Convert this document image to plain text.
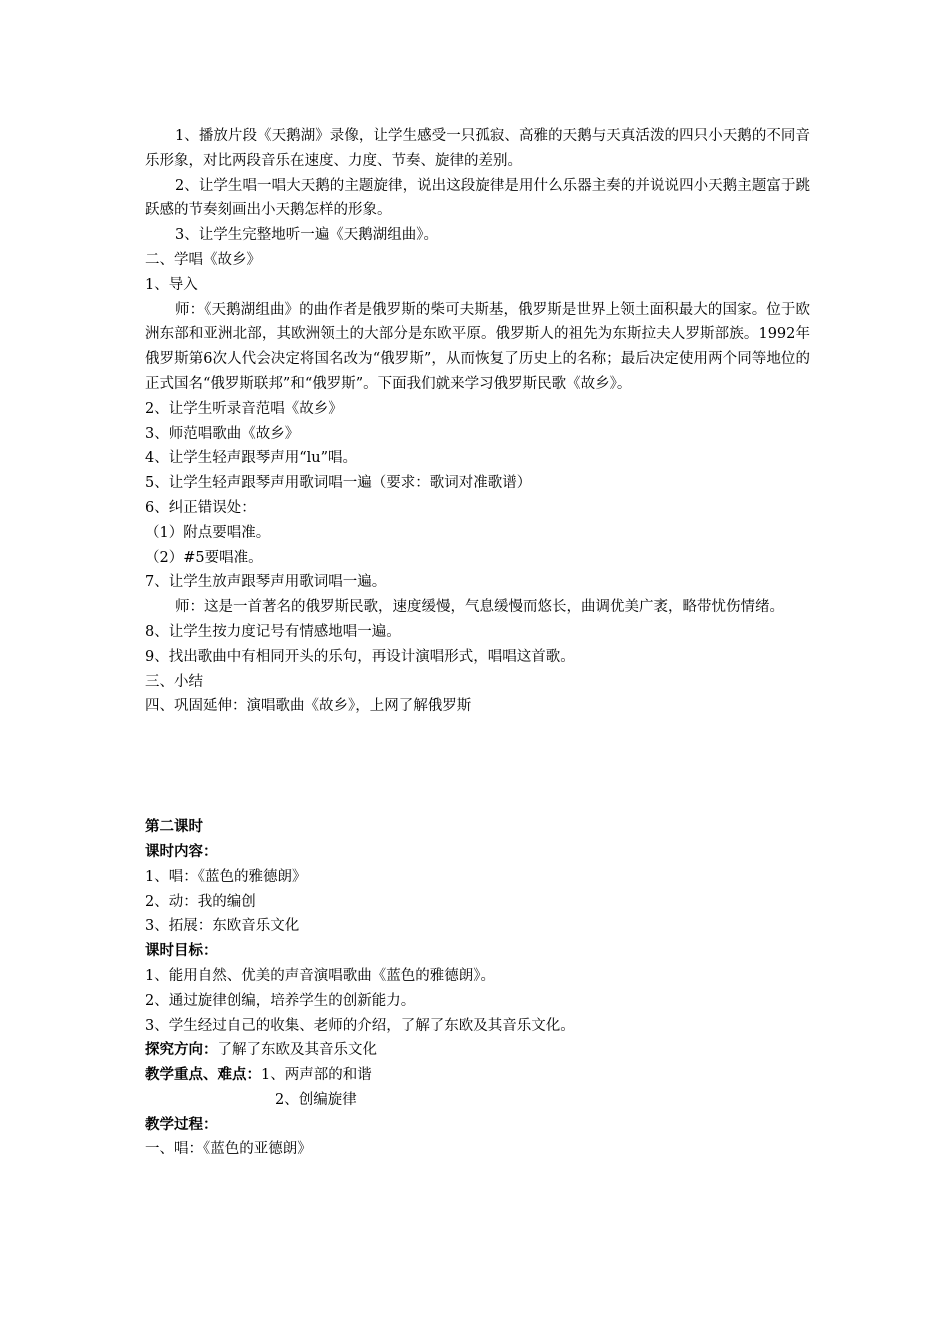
1、播放片段《天鹅湖》录像，让学生感受一只孤寂、高雅的天鹅与天真活泼的四只小天鹅的不同音乐形象，对比两段音乐在速度、力度、节奏、旋律的差别。

2、让学生唱一唱大天鹅的主题旋律，说出这段旋律是用什么乐器主奏的并说说四小天鹅主题富于跳跃感的节奏刻画出小天鹅怎样的形象。

3、让学生完整地听一遍《天鹅湖组曲》。

二、学唱《故乡》

1、导入

师：《天鹅湖组曲》的曲作者是俄罗斯的柴可夫斯基，俄罗斯是世界上领土面积最大的国家。位于欧洲东部和亚洲北部，其欧洲领土的大部分是东欧平原。俄罗斯人的祖先为东斯拉夫人罗斯部族。1992年俄罗斯第6次人代会决定将国名改为“俄罗斯”，从而恢复了历史上的名称；最后决定使用两个同等地位的正式国名“俄罗斯联邦”和“俄罗斯”。下面我们就来学习俄罗斯民歌《故乡》。

2、让学生听录音范唱《故乡》

3、师范唱歌曲《故乡》

4、让学生轻声跟琴声用“lu”唱。

5、让学生轻声跟琴声用歌词唱一遍（要求：歌词对准歌谱）

6、纠正错误处：

（1）附点要唱准。

（2）#5要唱准。

7、让学生放声跟琴声用歌词唱一遍。

师：这是一首著名的俄罗斯民歌，速度缓慢，气息缓慢而悠长，曲调优美广袤，略带忧伤情绪。

8、让学生按力度记号有情感地唱一遍。

9、找出歌曲中有相同开头的乐句，再设计演唱形式，唱唱这首歌。

三、小结

四、巩固延伸：演唱歌曲《故乡》，上网了解俄罗斯

第二课时

课时内容：

1、唱：《蓝色的雅德朗》

2、动：我的编创

3、拓展：东欧音乐文化

课时目标：

1、能用自然、优美的声音演唱歌曲《蓝色的雅德朗》。

2、通过旋律创编，培养学生的创新能力。

3、学生经过自己的收集、老师的介绍，了解了东欧及其音乐文化。

探究方向：了解了东欧及其音乐文化

教学重点、难点：1、两声部的和谐

2、创编旋律

教学过程：

一、唱：《蓝色的亚德朗》
